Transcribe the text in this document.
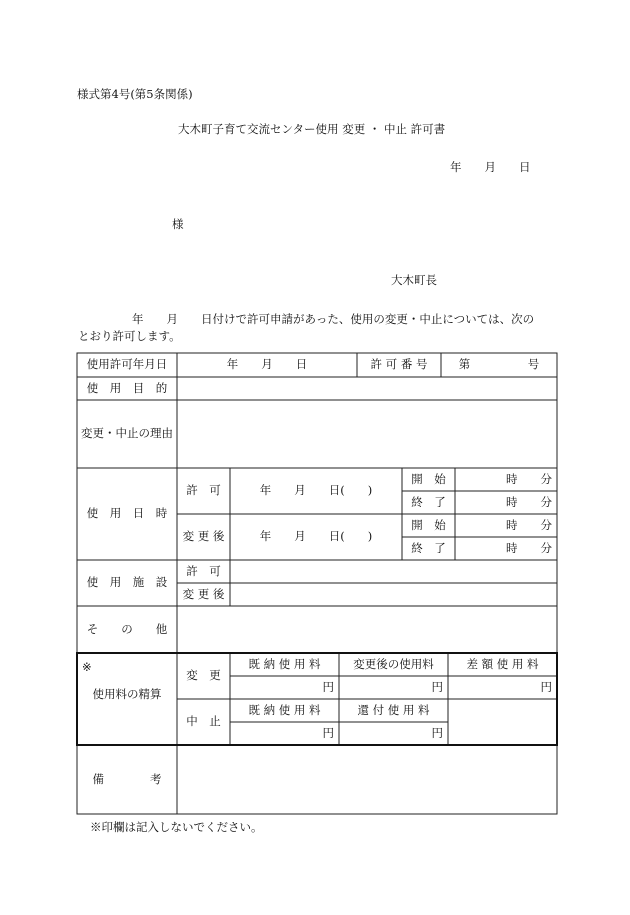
様式第4号(第5条関係)
大木町子育て交流センター使用 変更 ・ 中止 許可書
年　　月　　日
様
大木町長
年　　月　　日付けで許可申請があった、使用の変更・中止については、次の
とおり許可します。
使用許可年月日	年　　月　　日	許 可 番 号	第　　　　　号
使　用　目　的
変更・中止の理由
使　用　日　時
許　可	年　　月　　日(　　)
開　始	時　　分
終　了	時　　分
変 更 後	年　　月　　日(　　)
開　始	時　　分
終　了	時　　分
使　用　施　設
許　可
変 更 後
そ　　の　　他
※
使用料の精算
変　更
既 納 使 用 料	変更後の使用料	差 額 使 用 料
円	円	円
中　止
既 納 使 用 料	還 付 使 用 料
円	円
備　　　　考
※印欄は記入しないでください。
